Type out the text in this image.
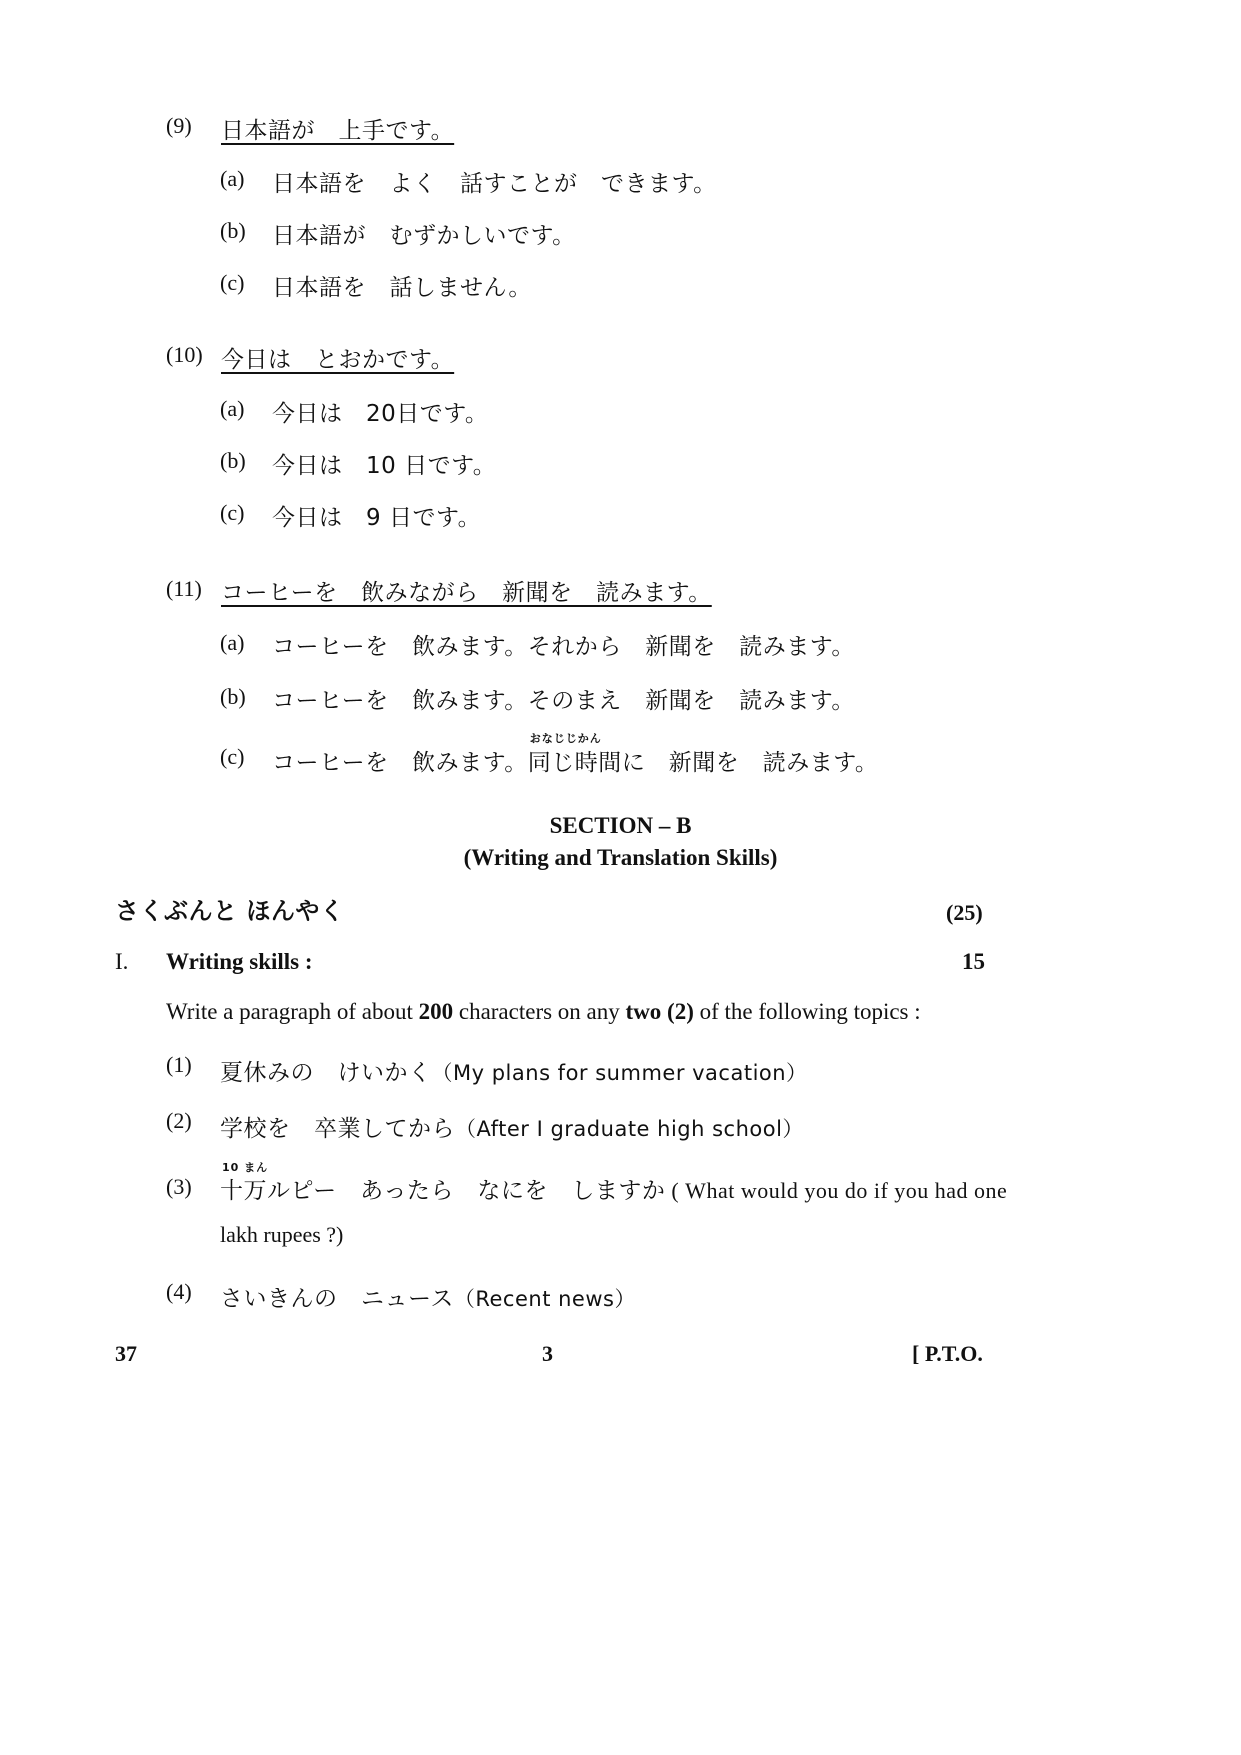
(9) 日本語が　上手です。
(a) 日本語を　よく　話すことが　できます。
(b) 日本語が　むずかしいです。
(c) 日本語を　話しません。
(10) 今日は　とおかです。
(a) 今日は　20日です。
(b) 今日は　10 日です。
(c) 今日は　9 日です。
(11) コーヒーを　飲みながら　新聞を　読みます。
(a) コーヒーを　飲みます。それから　新聞を　読みます。
(b) コーヒーを　飲みます。そのまえ　新聞を　読みます。
(c) コーヒーを　飲みます。
おなじじかん
同じ時間に　新聞を　読みます。
SECTION – B
(Writing and Translation Skills)
さくぶんと ほんやく	(25)
I. Writing skills :	15
Write a paragraph of about 200 characters on any two (2) of the following topics :
(1) 夏休みの　けいかく（My plans for summer vacation）
(2) 学校を　卒業してから（After I graduate high school）
(3)
10 まん
十万ルピー　あったら　なにを　しますか ( What would you do if you had one
lakh rupees ?)
(4) さいきんの　ニュース（Recent news）
37	3	[ P.T.O.
